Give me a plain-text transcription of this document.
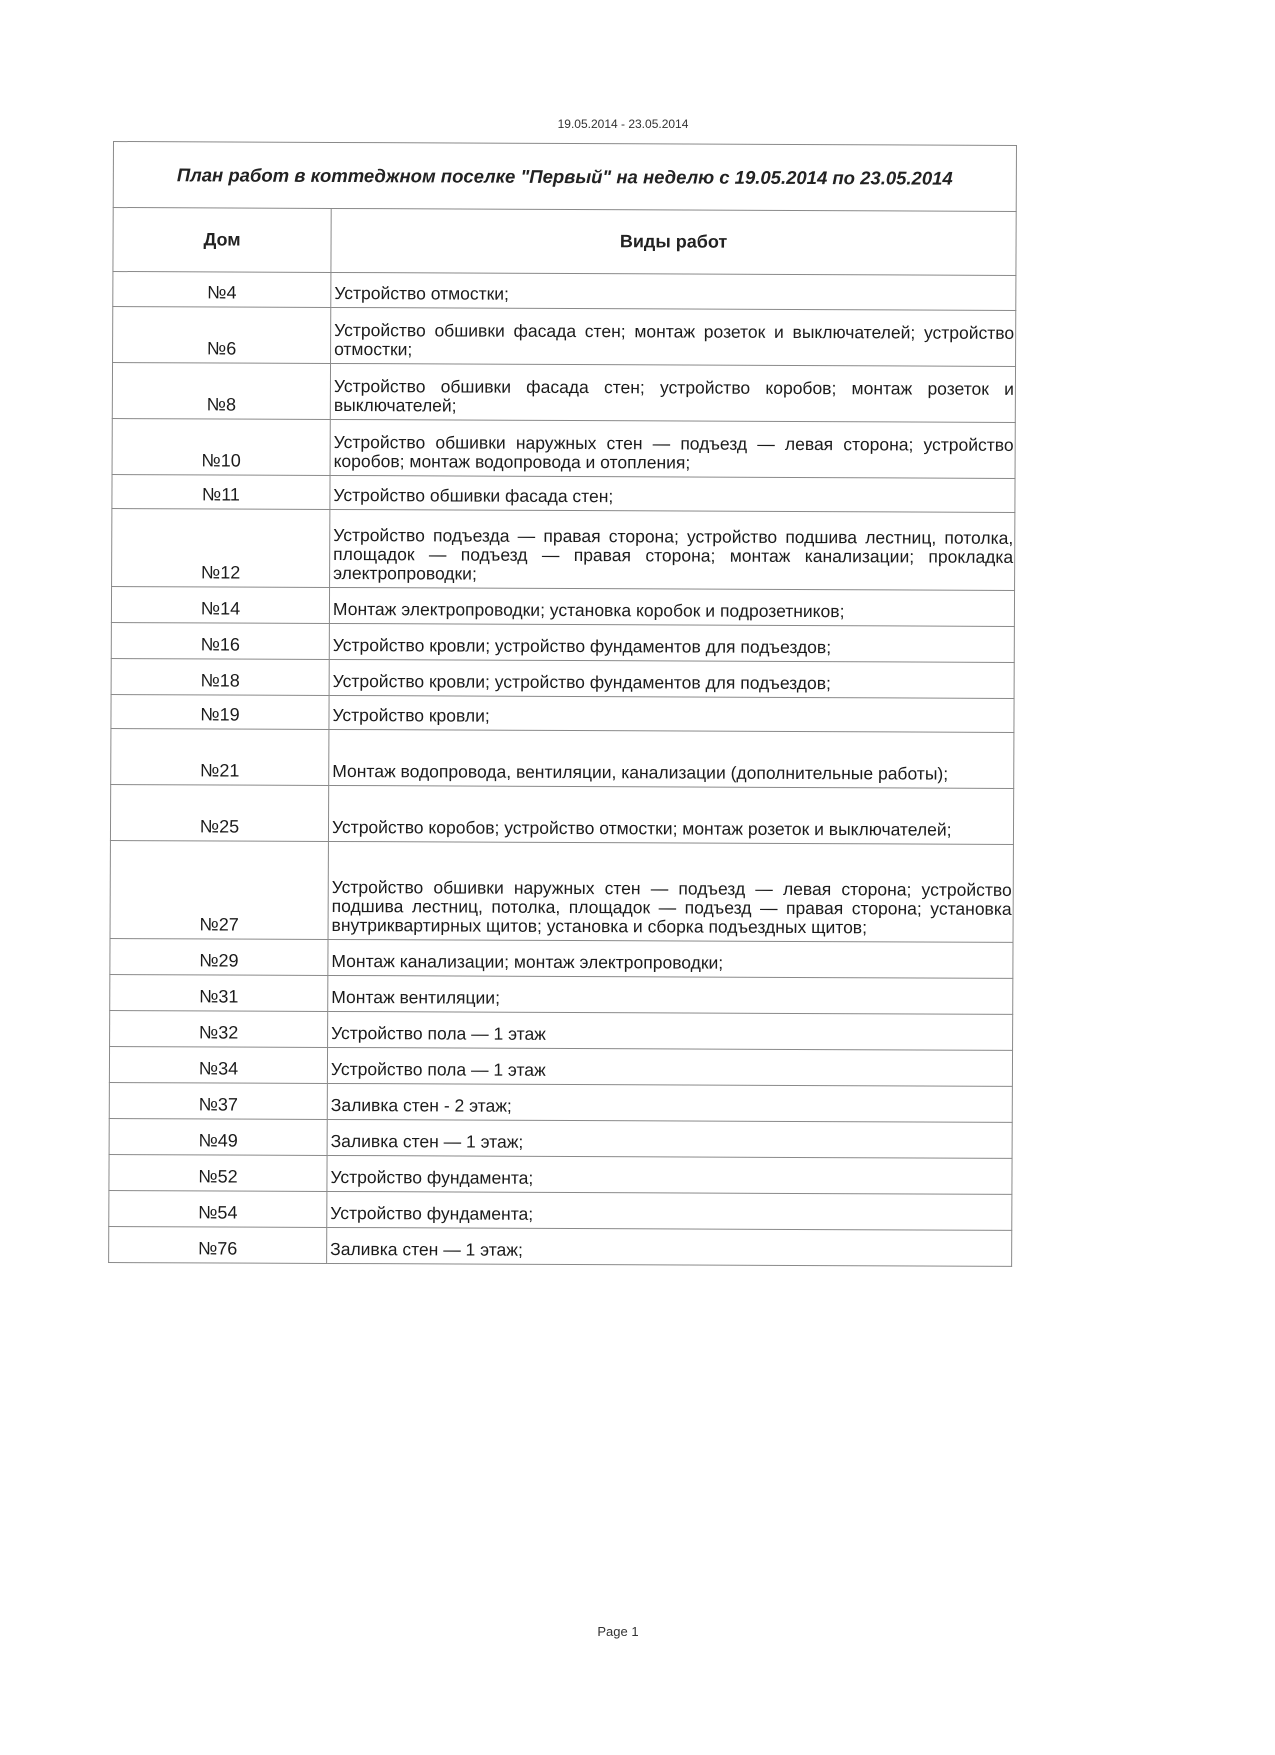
19.05.2014 - 23.05.2014
План работ в коттеджном поселке "Первый" на неделю с 19.05.2014 по 23.05.2014	
Дом	Виды работ
№4	Устройство отмостки;
№6	Устройство обшивки фасада стен; монтаж розеток и выключателей; устройство отмостки;
№8	Устройство обшивки фасада стен; устройство коробов; монтаж розеток и выключателей;
№10	Устройство обшивки наружных стен — подъезд — левая сторона; устройство коробов; монтаж водопровода и отопления;
№11	Устройство обшивки фасада стен;
№12	Устройство подъезда — правая сторона; устройство подшива лестниц, потолка, площадок — подъезд — правая сторона; монтаж канализации; прокладка электропроводки;
№14	Монтаж электропроводки; установка коробок и подрозетников;
№16	Устройство кровли; устройство фундаментов для подъездов;
№18	Устройство кровли; устройство фундаментов для подъездов;
№19	Устройство кровли;
№21	Монтаж водопровода, вентиляции, канализации (дополнительные работы);
№25	Устройство коробов; устройство отмостки; монтаж розеток и выключателей;
№27	Устройство обшивки наружных стен — подъезд — левая сторона; устройство подшива лестниц, потолка, площадок — подъезд — правая сторона; установка внутриквартирных щитов; установка и сборка подъездных щитов;
№29	Монтаж канализации; монтаж электропроводки;
№31	Монтаж вентиляции;
№32	Устройство пола — 1 этаж
№34	Устройство пола — 1 этаж
№37	Заливка стен - 2 этаж;
№49	Заливка стен — 1 этаж;
№52	Устройство фундамента;
№54	Устройство фундамента;
№76	Заливка стен — 1 этаж;
Page 1
